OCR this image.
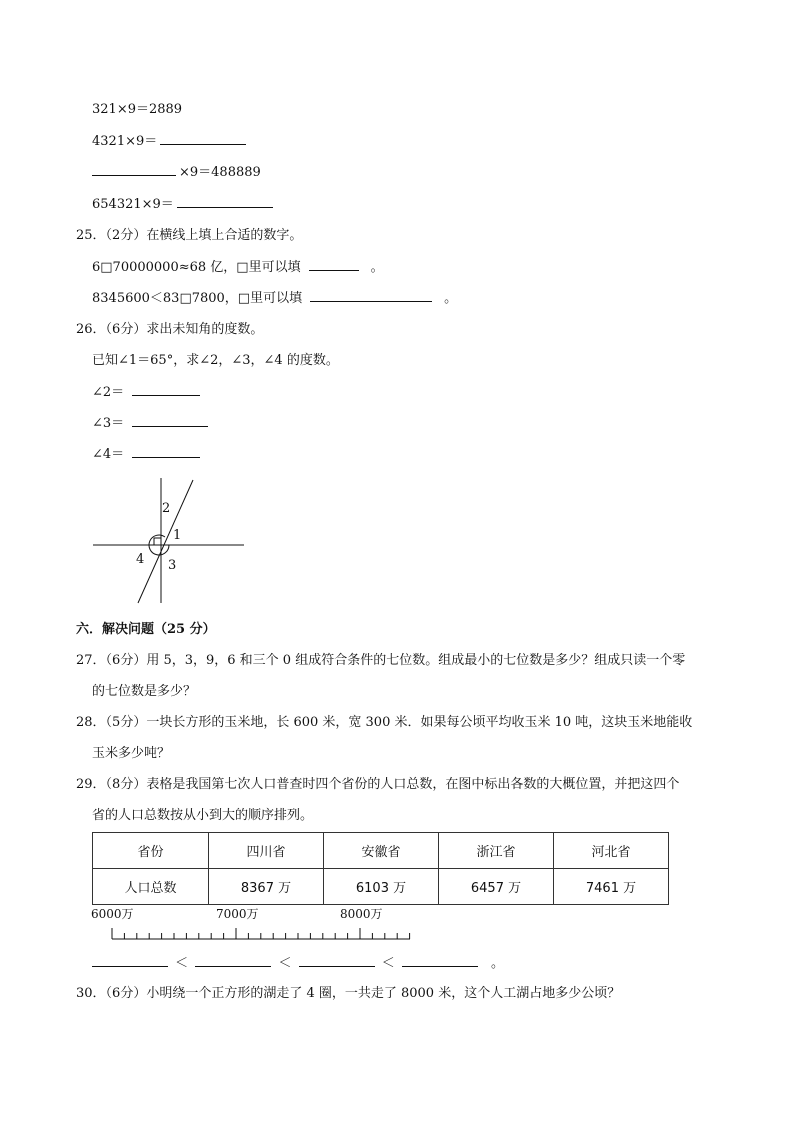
321×9＝2889
4321×9＝
×9＝488889
654321×9＝
25．（2分）在横线上填上合适的数字。
6□70000000≈68 亿，□里可以填	。
8345600＜83□7800，□里可以填	。
26．（6分）求出未知角的度数。
已知∠1＝65°，求∠2，∠3，∠4 的度数。
∠2＝
∠3＝
∠4＝
2
1
4 3
六．解决问题（25 分）
27．（6分）用 5，3，9，6 和三个 0 组成符合条件的七位数。组成最小的七位数是多少？组成只读一个零
的七位数是多少？
28．（5分）一块长方形的玉米地，长 600 米，宽 300 米．如果每公顷平均收玉米 10 吨，这块玉米地能收
玉米多少吨？
29．（8分）表格是我国第七次人口普查时四个省份的人口总数，在图中标出各数的大概位置，并把这四个
省的人口总数按从小到大的顺序排列。
省份	四川省	安徽省	浙江省	河北省
人口总数	8367 万	6103 万	6457 万	7461 万
6000万	7000万	8000万
＜	＜	＜	。
30．（6分）小明绕一个正方形的湖走了 4 圈，一共走了 8000 米，这个人工湖占地多少公顷？
